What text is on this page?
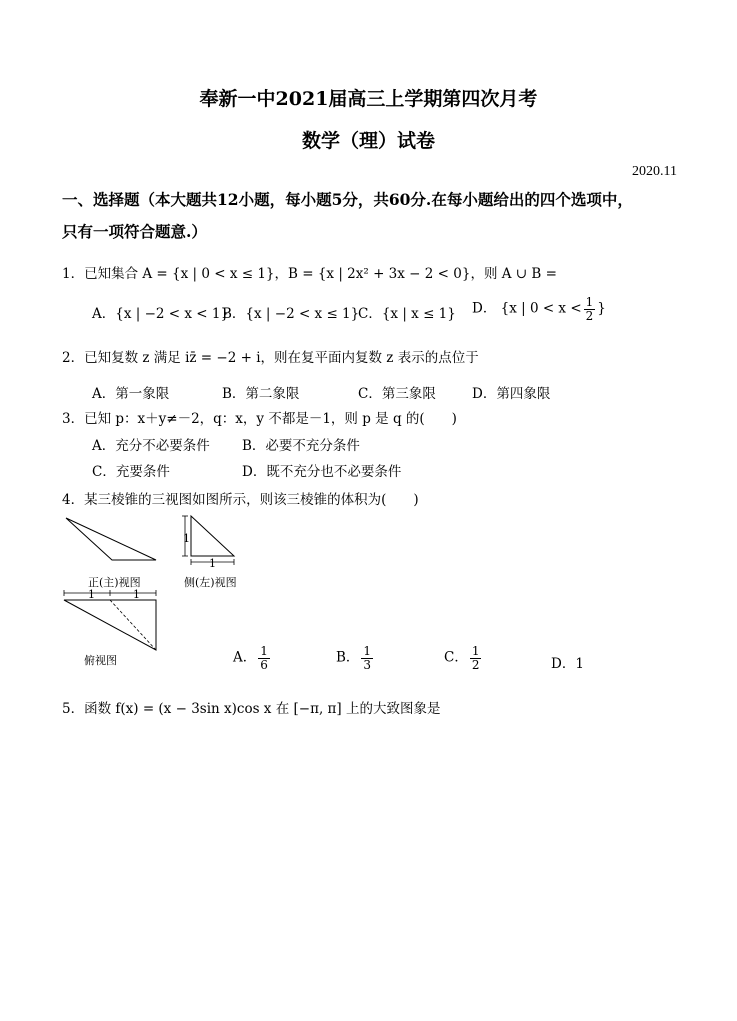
奉新一中2021届高三上学期第四次月考
数学（理）试卷
2020.11
一、选择题（本大题共12小题，每小题5分，共60分.在每小题给出的四个选项中，
只有一项符合题意.）
1．已知集合 A = {x | 0 < x ≤ 1}，B = {x | 2x² + 3x − 2 < 0}，则 A ∪ B =
A．{x | −2 < x < 1}
B．{x | −2 < x ≤ 1}
C．{x | x ≤ 1} D． {x | $0 < x < \frac{1}{2}$ }
2．已知复数 z 满足 iz̄ = −2 + i，则在复平面内复数 z 表示的点位于
A．第一象限	B．第二象限	C．第三象限	D．第四象限
3．已知 p：x＋y≠－2，q：x，y 不都是－1，则 p 是 q 的(　　)
A．充分不必要条件 B．必要不充分条件
C．充要条件	D．既不充分也不必要条件
4．某三棱锥的三视图如图所示，则该三棱锥的体积为(　　)
1
1
1	1
正(主)视图	侧(左)视图
俯视图	A． $\frac{1}{6}$	B． $\frac{1}{3}$	C． $\frac{1}{2}$	D．1
5．函数 f(x) = (x − 3sin x)cos x 在 [−π, π] 上的大致图象是
